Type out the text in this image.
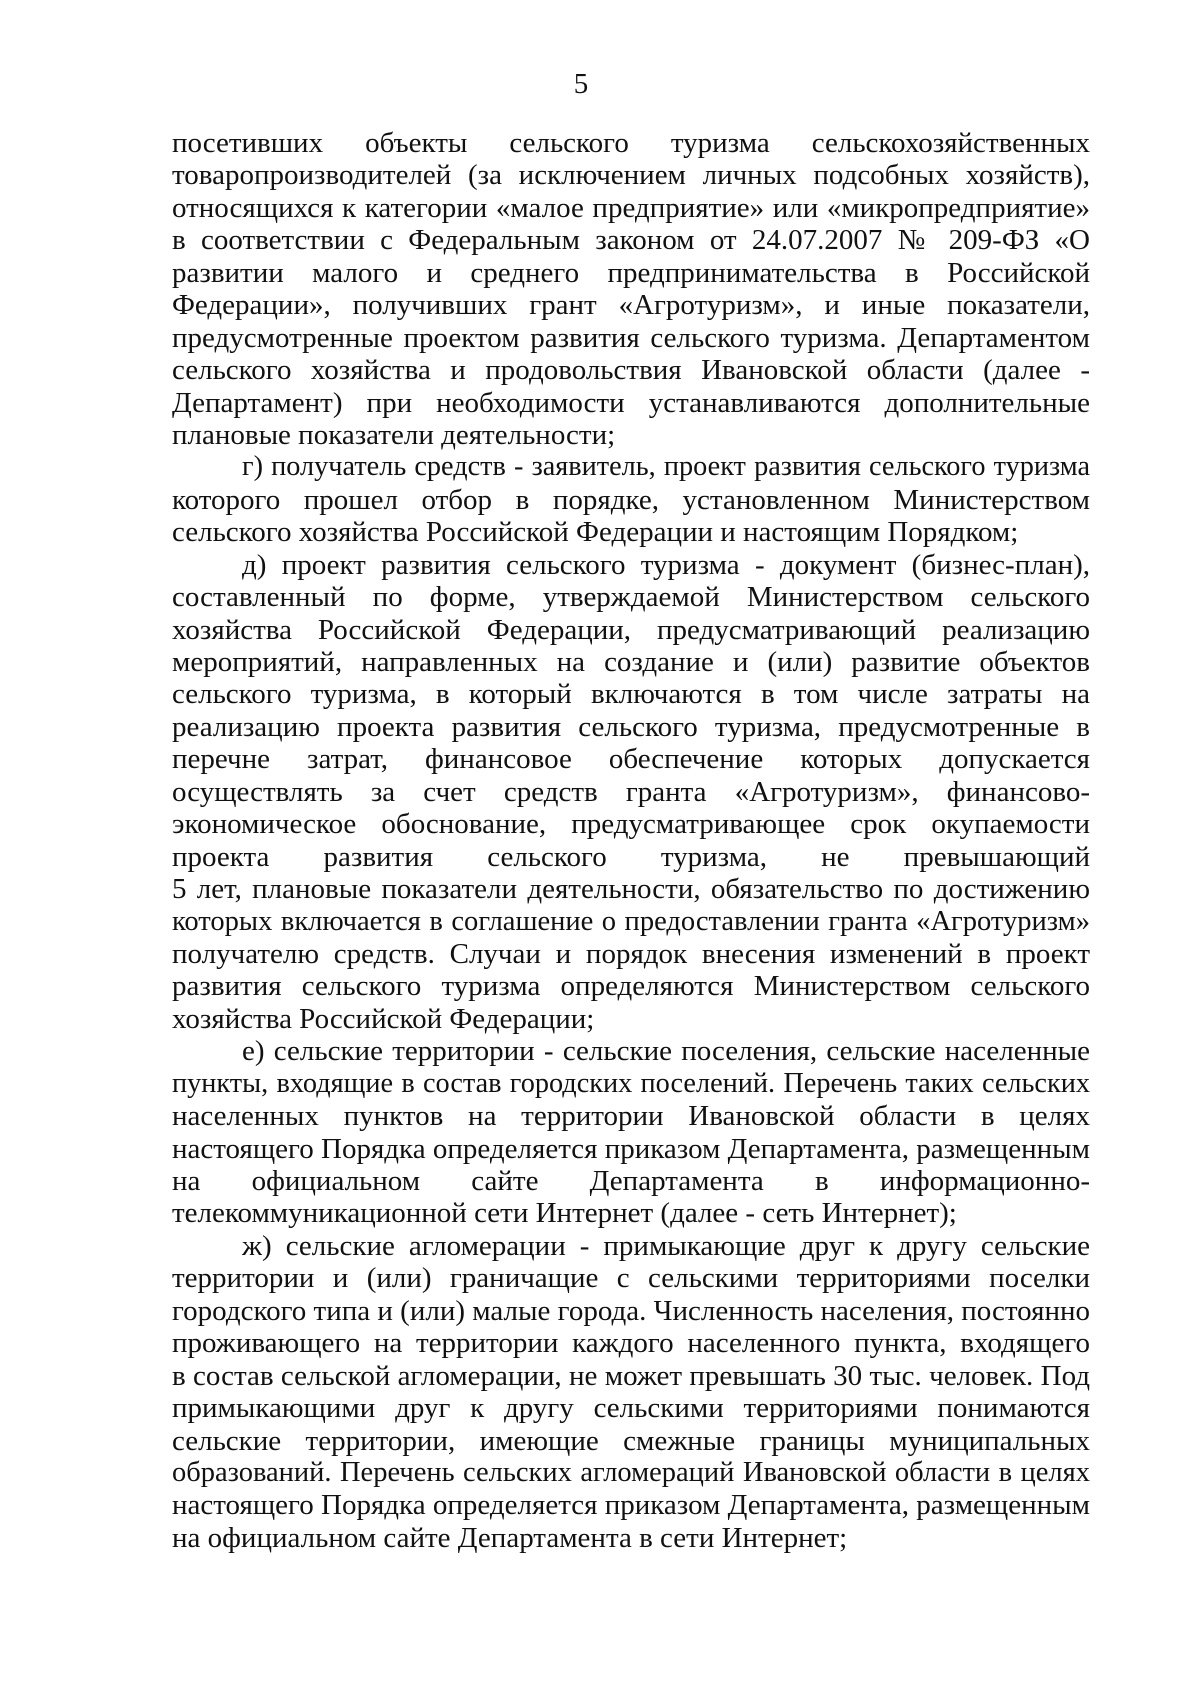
5
посетивших объекты сельского туризма сельскохозяйственных
товаропроизводителей (за исключением личных подсобных хозяйств),
относящихся к категории «малое предприятие» или «микропредприятие»
в соответствии с Федеральным законом от 24.07.2007 № 209-ФЗ «О
развитии малого и среднего предпринимательства в Российской
Федерации», получивших грант «Агротуризм», и иные показатели,
предусмотренные проектом развития сельского туризма. Департаментом
сельского хозяйства и продовольствия Ивановской области (далее -
Департамент) при необходимости устанавливаются дополнительные
плановые показатели деятельности;
г) получатель средств - заявитель, проект развития сельского туризма
которого прошел отбор в порядке, установленном Министерством
сельского хозяйства Российской Федерации и настоящим Порядком;
д) проект развития сельского туризма - документ (бизнес-план),
составленный по форме, утверждаемой Министерством сельского
хозяйства Российской Федерации, предусматривающий реализацию
мероприятий, направленных на создание и (или) развитие объектов
сельского туризма, в который включаются в том числе затраты на
реализацию проекта развития сельского туризма, предусмотренные в
перечне затрат, финансовое обеспечение которых допускается
осуществлять за счет средств гранта «Агротуризм», финансово-
экономическое обоснование, предусматривающее срок окупаемости
проекта развития сельского туризма, не превышающий
5 лет, плановые показатели деятельности, обязательство по достижению
которых включается в соглашение о предоставлении гранта «Агротуризм»
получателю средств. Случаи и порядок внесения изменений в проект
развития сельского туризма определяются Министерством сельского
хозяйства Российской Федерации;
е) сельские территории - сельские поселения, сельские населенные
пункты, входящие в состав городских поселений. Перечень таких сельских
населенных пунктов на территории Ивановской области в целях
настоящего Порядка определяется приказом Департамента, размещенным
на официальном сайте Департамента в информационно-
телекоммуникационной сети Интернет (далее - сеть Интернет);
ж) сельские агломерации - примыкающие друг к другу сельские
территории и (или) граничащие с сельскими территориями поселки
городского типа и (или) малые города. Численность населения, постоянно
проживающего на территории каждого населенного пункта, входящего
в состав сельской агломерации, не может превышать 30 тыс. человек. Под
примыкающими друг к другу сельскими территориями понимаются
сельские территории, имеющие смежные границы муниципальных
образований. Перечень сельских агломераций Ивановской области в целях
настоящего Порядка определяется приказом Департамента, размещенным
на официальном сайте Департамента в сети Интернет;
